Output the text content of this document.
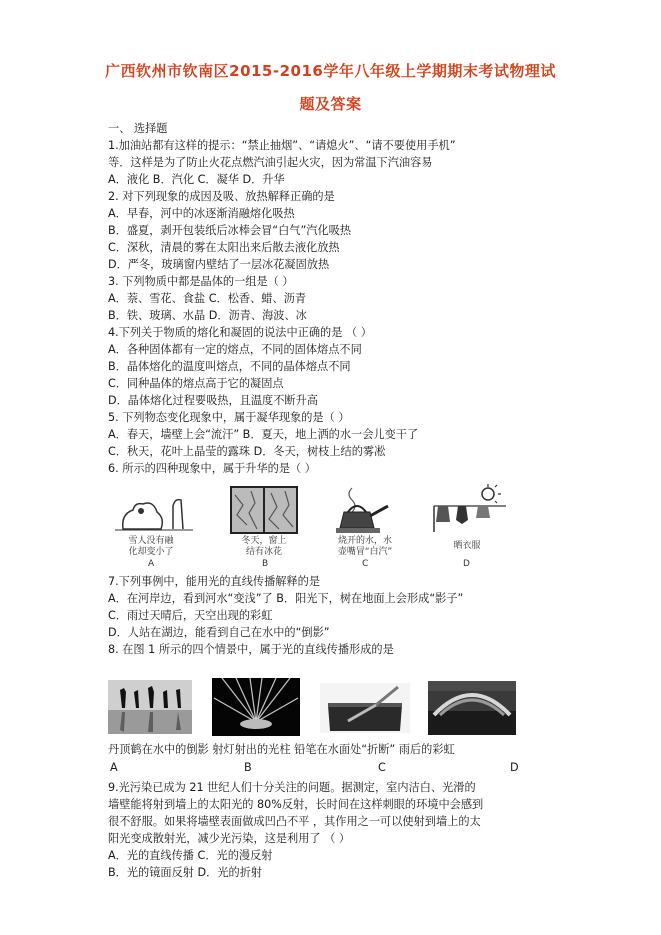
广西钦州市钦南区2015-2016学年八年级上学期期末考试物理试
题及答案
一、 选择题
1.加油站都有这样的提示：“禁止抽烟”、“请熄火”、“请不要使用手机”
等．这样是为了防止火花点燃汽油引起火灾，因为常温下汽油容易
A．液化 B．汽化 C．凝华 D．升华
2. 对下列现象的成因及吸、放热解释正确的是
A．早春，河中的冰逐渐消融熔化吸热
B．盛夏，剥开包装纸后冰棒会冒“白气”汽化吸热
C．深秋，清晨的雾在太阳出来后散去液化放热
D．严冬，玻璃窗内壁结了一层冰花凝固放热
3. 下列物质中都是晶体的一组是（ ）
A．萘、雪花、食盐 C．松香、蜡、沥青
B．铁、玻璃、水晶 D．沥青、海波、冰
4.下列关于物质的熔化和凝固的说法中正确的是 （ ）
A．各种固体都有一定的熔点，不同的固体熔点不同
B．晶体熔化的温度叫熔点，不同的晶体熔点不同
C．同种晶体的熔点高于它的凝固点
D．晶体熔化过程要吸热，且温度不断升高
5. 下列物态变化现象中，属于凝华现象的是（ ）
A．春天，墙壁上会“流汗” B．夏天，地上洒的水一会儿变干了
C．秋天，花叶上晶莹的露珠 D．冬天，树枝上结的雾凇
6. 所示的四种现象中，属于升华的是（ ）
雪人没有融
化却变小了
A
冬天，窗上
结有冰花
B
烧开的水，水
壶嘴冒“白汽”
C
晒衣服
D
7.下列事例中，能用光的直线传播解释的是
A．在河岸边，看到河水“变浅”了 B．阳光下，树在地面上会形成“影子”
C．雨过天晴后，天空出现的彩虹
D．人站在湖边，能看到自己在水中的“倒影”
8. 在图 1 所示的四个情景中，属于光的直线传播形成的是
丹顶鹤在水中的倒影 射灯射出的光柱 铅笔在水面处“折断” 雨后的彩虹
A	B	C	D
9.光污染已成为 21 世纪人们十分关注的问题。据测定，室内洁白、光滑的
墙壁能将射到墙上的太阳光的 80%反射，长时间在这样刺眼的环境中会感到
很不舒服。如果将墙壁表面做成凹凸不平 ，其作用之一可以使射到墙上的太
阳光变成散射光，减少光污染，这是利用了 （ ）
A．光的直线传播 C．光的漫反射
B．光的镜面反射 D．光的折射
